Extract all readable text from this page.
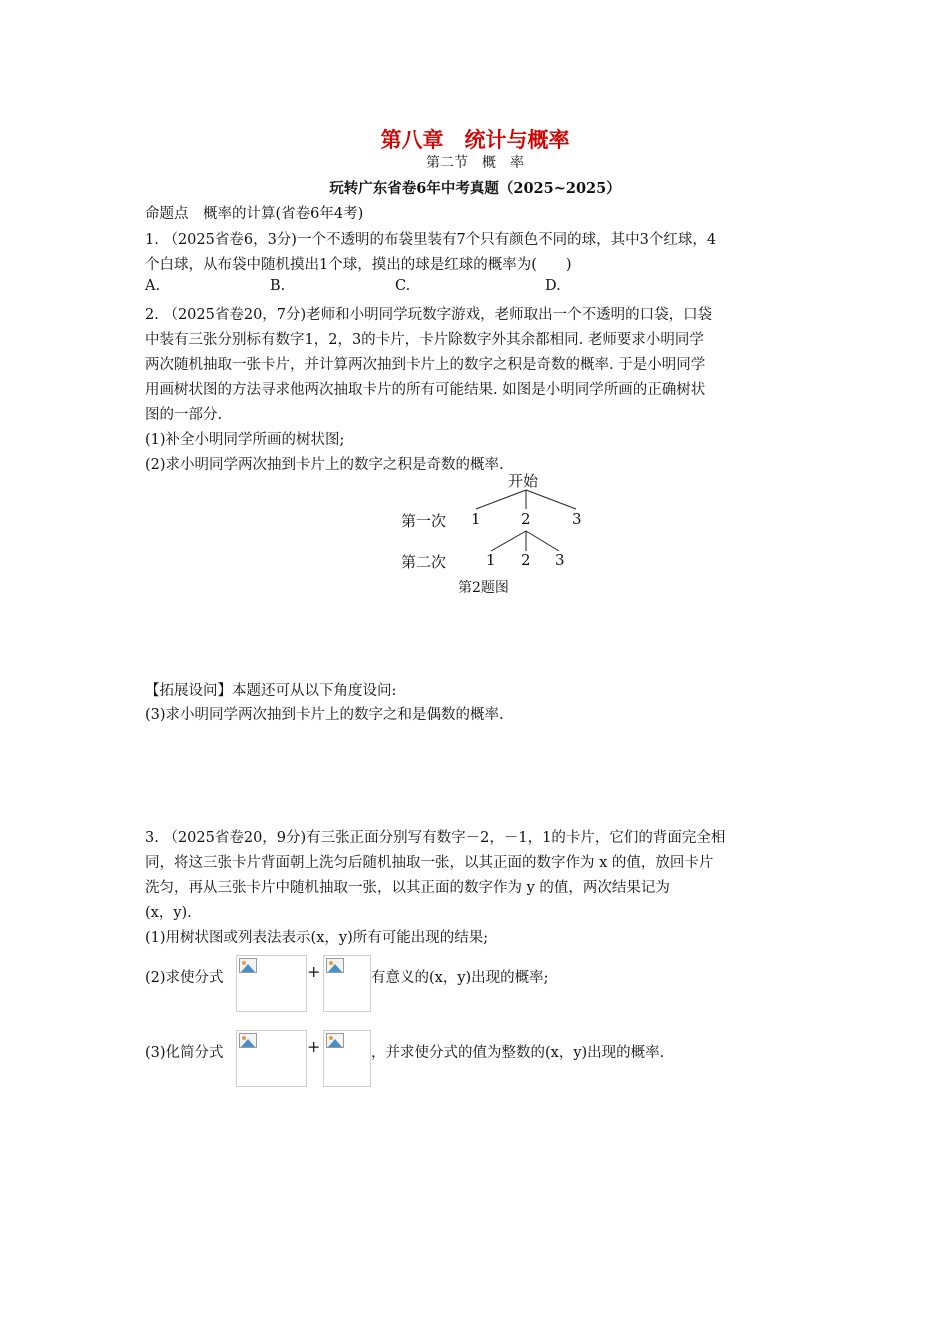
第八章　统计与概率
第二节　概　率
玩转广东省卷6年中考真题（2025~2025）
命题点　概率的计算(省卷6年4考)
1. （2025省卷6，3分)一个不透明的布袋里装有7个只有颜色不同的球，其中3个红球，4
个白球，从布袋中随机摸出1个球，摸出的球是红球的概率为(　　)
A.	B.	C.	D.
2. （2025省卷20，7分)老师和小明同学玩数字游戏，老师取出一个不透明的口袋，口袋
中装有三张分别标有数字1，2，3的卡片，卡片除数字外其余都相同. 老师要求小明同学
两次随机抽取一张卡片，并计算两次抽到卡片上的数字之积是奇数的概率. 于是小明同学
用画树状图的方法寻求他两次抽取卡片的所有可能结果. 如图是小明同学所画的正确树状
图的一部分.
(1)补全小明同学所画的树状图;
(2)求小明同学两次抽到卡片上的数字之积是奇数的概率.
开始
第一次 1	2	3
第二次	1 2 3
第2题图
【拓展设问】本题还可从以下角度设问:
(3)求小明同学两次抽到卡片上的数字之和是偶数的概率.
3. （2025省卷20，9分)有三张正面分别写有数字－2，－1，1的卡片，它们的背面完全相
同，将这三张卡片背面朝上洗匀后随机抽取一张，以其正面的数字作为 x 的值，放回卡片
洗匀，再从三张卡片中随机抽取一张，以其正面的数字作为 y 的值，两次结果记为
(x，y).
(1)用树状图或列表法表示(x，y)所有可能出现的结果;
(2)求使分式	+	有意义的(x，y)出现的概率;
(3)化简分式	+	，并求使分式的值为整数的(x，y)出现的概率.
